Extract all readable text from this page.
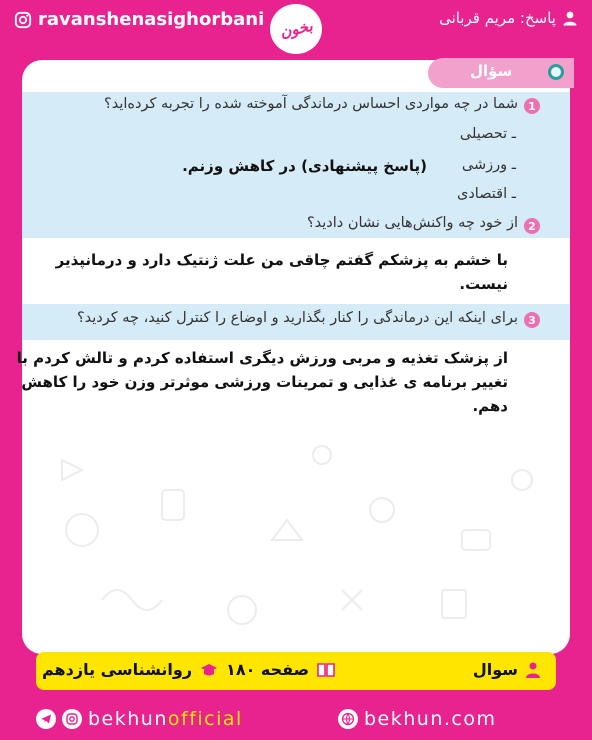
ravanshenasighorbani بخون	پاسخ: مریم قربانی
سؤال
1
شما در چه مواردی احساس درماندگی آموخته شده را تجربه کرده‌اید؟
ـ تحصیلی
ـ ورزشی
(پاسخ پیشنهادی) در کاهش وزنم.
ـ اقتصادی
2
از خود چه واکنش‌هایی نشان دادید؟
با خشم به پزشکم گفتم چاقی من علت ژنتیک دارد و درمانپذیر
نیست.
3
برای اینکه این درماندگی را کنار بگذارید و اوضاع را کنترل کنید، چه کردید؟
از پزشک تغذیه و مربی ورزش دیگری استفاده کردم و تالش کردم با
تغییر برنامه ی غذایی و تمرینات ورزشی موثرتر وزن خود را کاهش
دهم.
سوال
صفحه ۱۸۰
روانشناسی یازدهم
bekhunofficial	bekhun.com
